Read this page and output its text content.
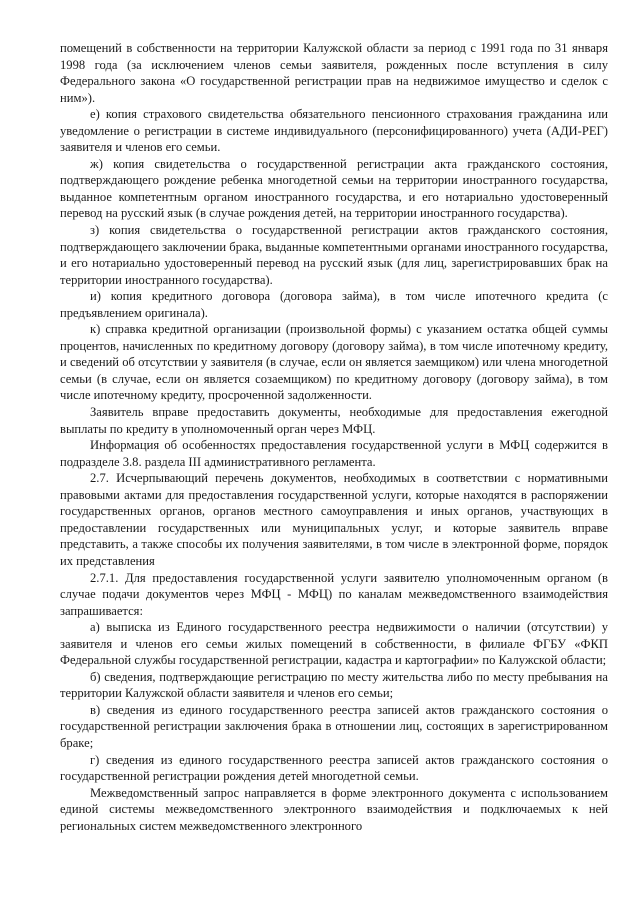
помещений в собственности на территории Калужской области за период с 1991 года по 31 января 1998 года (за исключением членов семьи заявителя, рожденных после вступления в силу Федерального закона «О государственной регистрации прав на недвижимое имущество и сделок с ним»).

е) копия страхового свидетельства обязательного пенсионного страхования гражданина или уведомление о регистрации в системе индивидуального (персонифицированного) учета (АДИ-РЕГ) заявителя и членов его семьи.

ж) копия свидетельства о государственной регистрации акта гражданского состояния, подтверждающего рождение ребенка многодетной семьи на территории иностранного государства, выданное компетентным органом иностранного государства, и его нотариально удостоверенный перевод на русский язык (в случае рождения детей, на территории иностранного государства).

з) копия свидетельства о государственной регистрации актов гражданского состояния, подтверждающего заключении брака, выданные компетентными органами иностранного государства, и его нотариально удостоверенный перевод на русский язык (для лиц, зарегистрировавших брак на территории иностранного государства).

и) копия кредитного договора (договора займа), в том числе ипотечного кредита (с предъявлением оригинала).

к) справка кредитной организации (произвольной формы) с указанием остатка общей суммы процентов, начисленных по кредитному договору (договору займа), в том числе ипотечному кредиту, и сведений об отсутствии у заявителя (в случае, если он является заемщиком) или члена многодетной семьи (в случае, если он является созаемщиком) по кредитному договору (договору займа), в том числе ипотечному кредиту, просроченной задолженности.

Заявитель вправе предоставить документы, необходимые для предоставления ежегодной выплаты по кредиту в уполномоченный орган через МФЦ.

Информация об особенностях предоставления государственной услуги в МФЦ содержится в подразделе 3.8. раздела III административного регламента.

2.7. Исчерпывающий перечень документов, необходимых в соответствии с нормативными правовыми актами для предоставления государственной услуги, которые находятся в распоряжении государственных органов, органов местного самоуправления и иных органов, участвующих в предоставлении государственных или муниципальных услуг, и которые заявитель вправе представить, а также способы их получения заявителями, в том числе в электронной форме, порядок их представления

2.7.1. Для предоставления государственной услуги заявителю уполномоченным органом (в случае подачи документов через МФЦ - МФЦ) по каналам межведомственного взаимодействия запрашивается:

а) выписка из Единого государственного реестра недвижимости о наличии (отсутствии) у заявителя и членов его семьи жилых помещений в собственности, в филиале ФГБУ «ФКП Федеральной службы государственной регистрации, кадастра и картографии» по Калужской области;

б) сведения, подтверждающие регистрацию по месту жительства либо по месту пребывания на территории Калужской области заявителя и членов его семьи;

в) сведения из единого государственного реестра записей актов гражданского состояния о государственной регистрации заключения брака в отношении лиц, состоящих в зарегистрированном браке;

г) сведения из единого государственного реестра записей актов гражданского состояния о государственной регистрации рождения детей многодетной семьи.

Межведомственный запрос направляется в форме электронного документа с использованием единой системы межведомственного электронного взаимодействия и подключаемых к ней региональных систем межведомственного электронного
